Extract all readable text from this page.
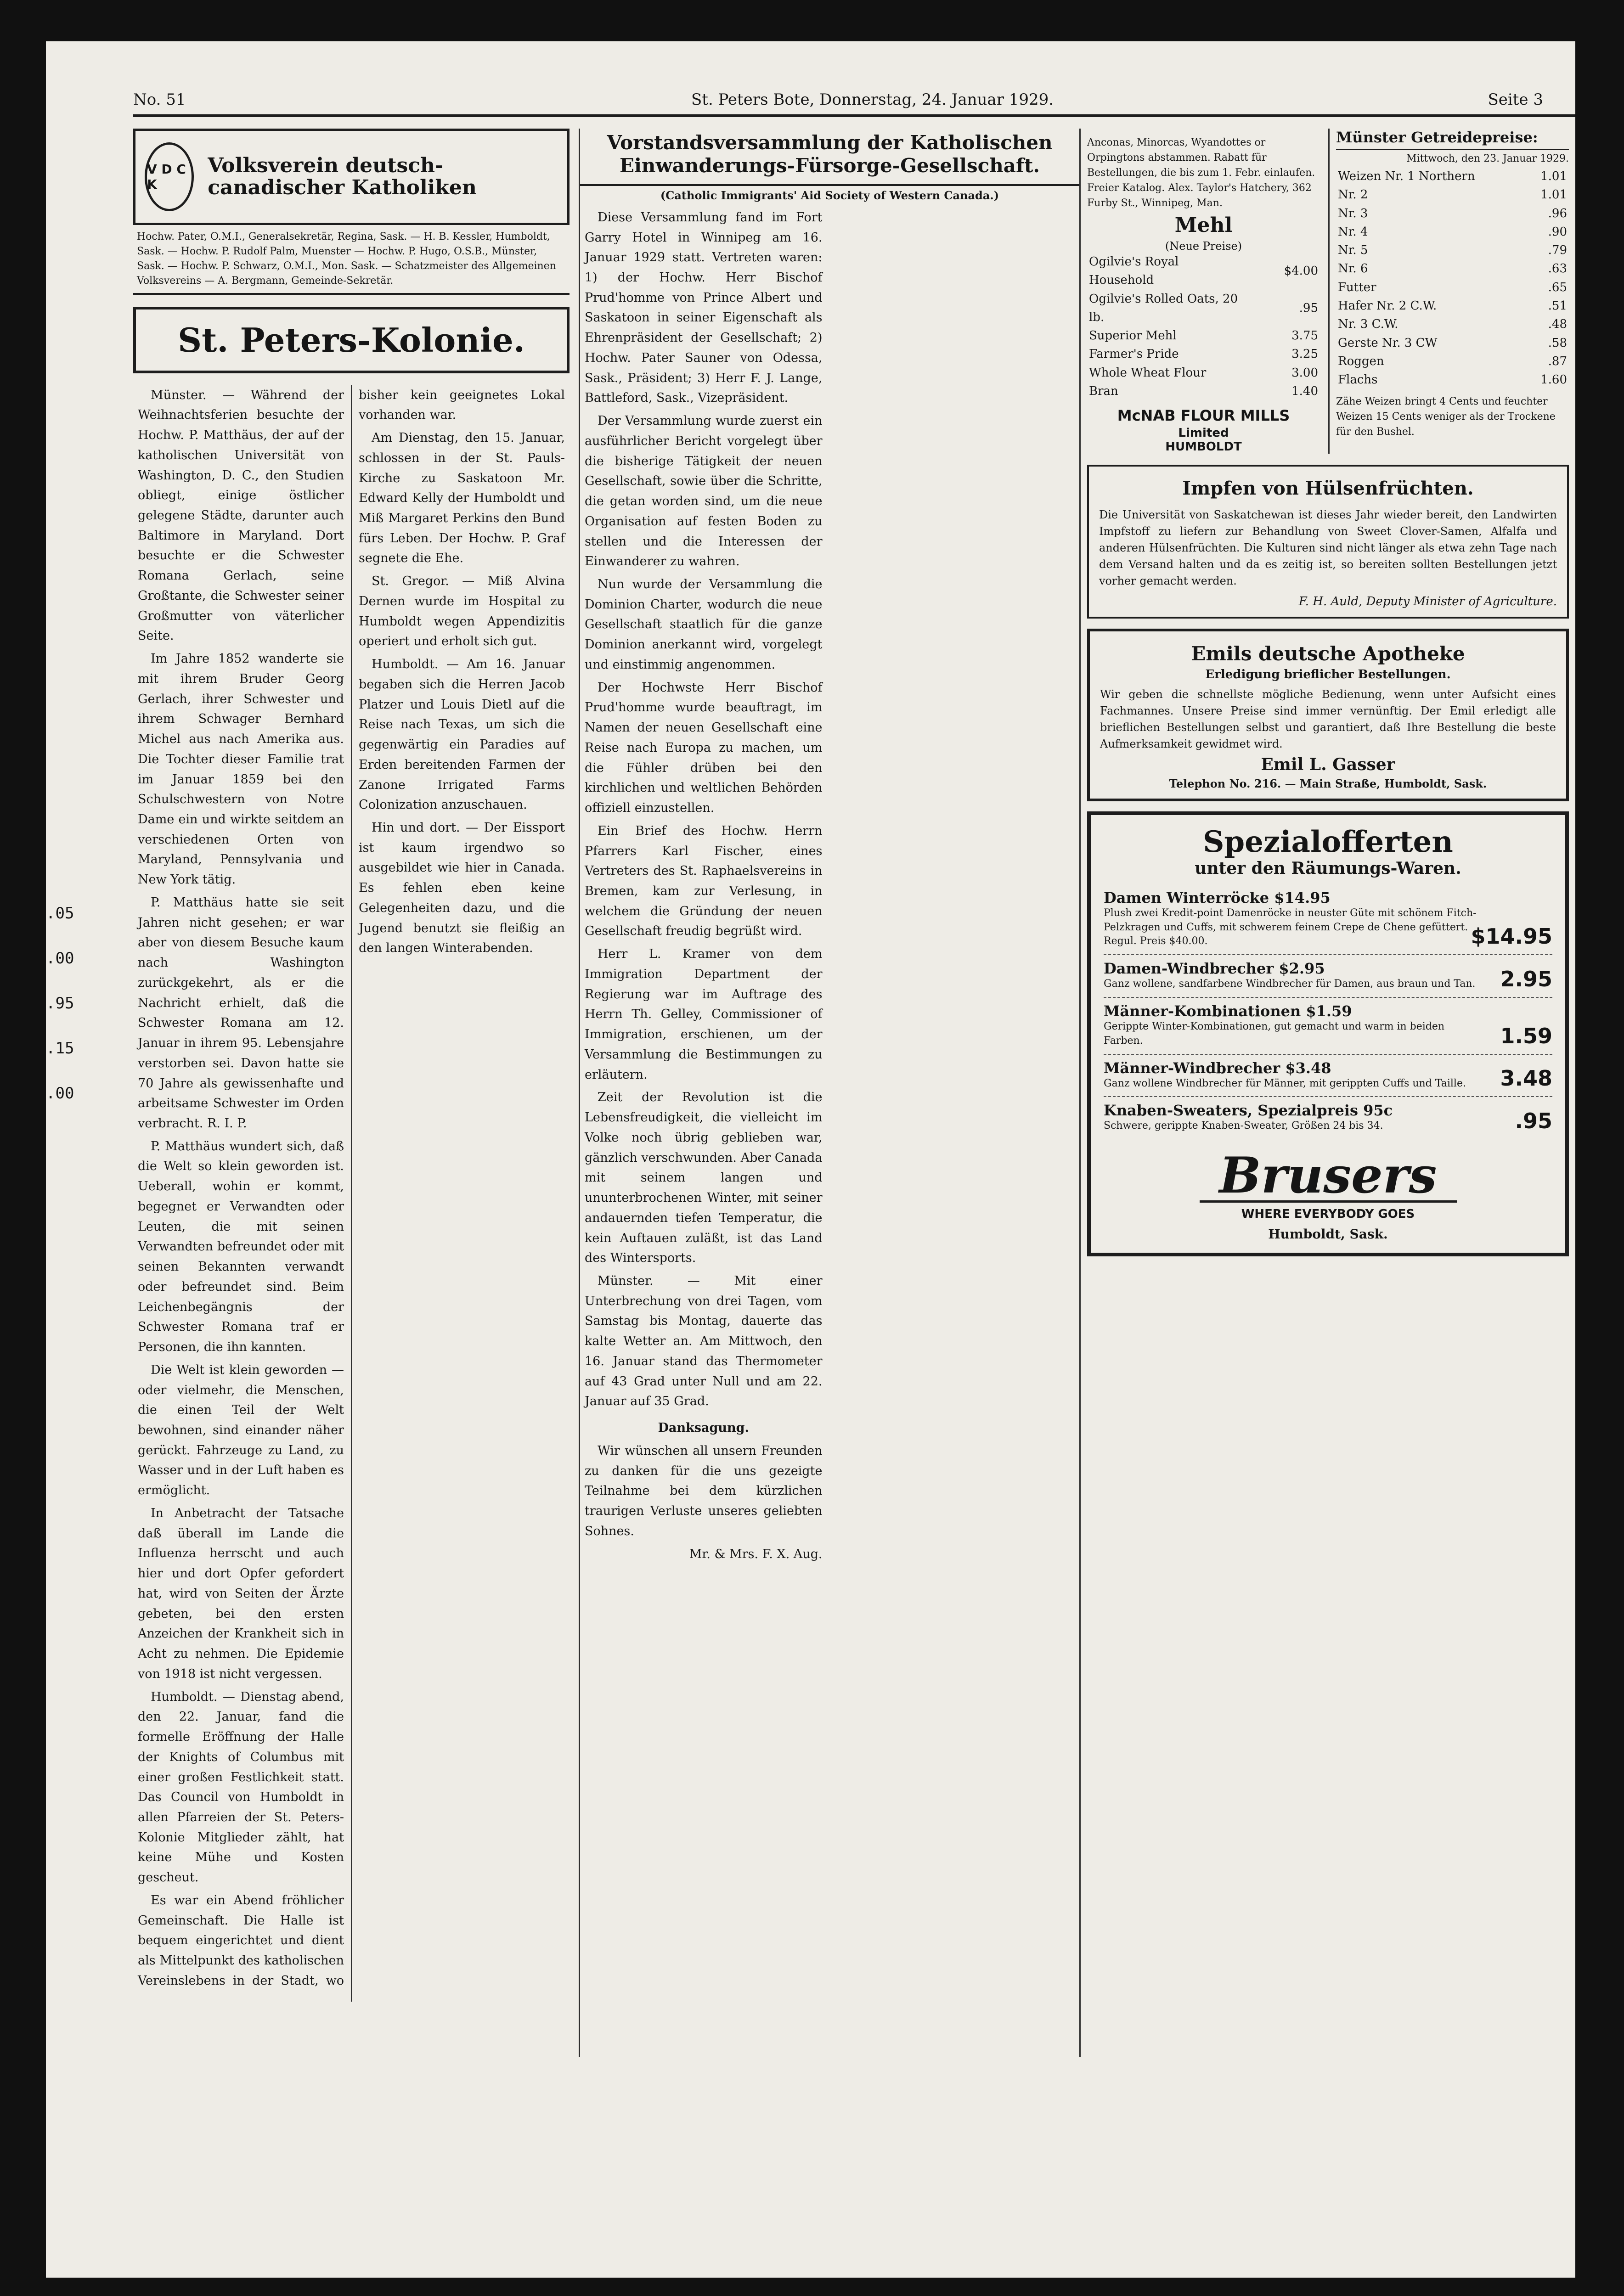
.05
.00
.95
.15
.00
No. 51	St. Peters Bote, Donnerstag, 24. Januar 1929.	Seite 3
V D C K
Volksverein deutsch-canadischer Katholiken
Hochw. Pater, O.M.I., Generalsekretär, Regina, Sask. — H. B. Kessler, Humboldt, Sask. — Hochw. P. Rudolf Palm, Muenster — Hochw. P. Hugo, O.S.B., Münster, Sask. — Hochw. P. Schwarz, O.M.I., Mon. Sask. — Schatzmeister des Allgemeinen Volksvereins — A. Bergmann, Gemeinde-Sekretär.
St. Peters-Kolonie.

Münster. — Während der Weihnachtsferien besuchte der Hochw. P. Matthäus, der auf der katholischen Universität von Washington, D. C., den Studien obliegt, einige östlicher gelegene Städte, darunter auch Baltimore in Maryland. Dort besuchte er die Schwester Romana Gerlach, seine Großtante, die Schwester seiner Großmutter von väterlicher Seite.

Im Jahre 1852 wanderte sie mit ihrem Bruder Georg Gerlach, ihrer Schwester und ihrem Schwager Bernhard Michel aus nach Amerika aus. Die Tochter dieser Familie trat im Januar 1859 bei den Schulschwestern von Notre Dame ein und wirkte seitdem an verschiedenen Orten von Maryland, Pennsylvania und New York tätig.

P. Matthäus hatte sie seit Jahren nicht gesehen; er war aber von diesem Besuche kaum nach Washington zurückgekehrt, als er die Nachricht erhielt, daß die Schwester Romana am 12. Januar in ihrem 95. Lebensjahre verstorben sei. Davon hatte sie 70 Jahre als gewissenhafte und arbeitsame Schwester im Orden verbracht. R. I. P.

P. Matthäus wundert sich, daß die Welt so klein geworden ist. Ueberall, wohin er kommt, begegnet er Verwandten oder Leuten, die mit seinen Verwandten befreundet oder mit seinen Bekannten verwandt oder befreundet sind. Beim Leichenbegängnis der Schwester Romana traf er Personen, die ihn kannten.

Die Welt ist klein geworden — oder vielmehr, die Menschen, die einen Teil der Welt bewohnen, sind einander näher gerückt. Fahrzeuge zu Land, zu Wasser und in der Luft haben es ermöglicht.

In Anbetracht der Tatsache daß überall im Lande die Influenza herrscht und auch hier und dort Opfer gefordert hat, wird von Seiten der Ärzte gebeten, bei den ersten Anzeichen der Krankheit sich in Acht zu nehmen. Die Epidemie von 1918 ist nicht vergessen.

Humboldt. — Dienstag abend, den 22. Januar, fand die formelle Eröffnung der Halle der Knights of Columbus mit einer großen Festlichkeit statt. Das Council von Humboldt in allen Pfarreien der St. Peters-Kolonie Mitglieder zählt, hat keine Mühe und Kosten gescheut.

Es war ein Abend fröhlicher Gemeinschaft. Die Halle ist bequem eingerichtet und dient als Mittelpunkt des katholischen Vereinslebens in der Stadt, wo bisher kein geeignetes Lokal vorhanden war.

Am Dienstag, den 15. Januar, schlossen in der St. Pauls-Kirche zu Saskatoon Mr. Edward Kelly der Humboldt und Miß Margaret Perkins den Bund fürs Leben. Der Hochw. P. Graf segnete die Ehe.

St. Gregor. — Miß Alvina Dernen wurde im Hospital zu Humboldt wegen Appendizitis operiert und erholt sich gut.

Humboldt. — Am 16. Januar begaben sich die Herren Jacob Platzer und Louis Dietl auf die Reise nach Texas, um sich die gegenwärtig ein Paradies auf Erden bereitenden Farmen der Zanone Irrigated Farms Colonization anzuschauen.

Hin und dort. — Der Eissport ist kaum irgendwo so ausgebildet wie hier in Canada. Es fehlen eben keine Gelegenheiten dazu, und die Jugend benutzt sie fleißig an den langen Winterabenden.

Vorstandsversammlung der Katholischen Einwanderungs-Fürsorge-Gesellschaft.
(Catholic Immigrants' Aid Society of Western Canada.)

Diese Versammlung fand im Fort Garry Hotel in Winnipeg am 16. Januar 1929 statt. Vertreten waren: 1) der Hochw. Herr Bischof Prud'homme von Prince Albert und Saskatoon in seiner Eigenschaft als Ehrenpräsident der Gesellschaft; 2) Hochw. Pater Sauner von Odessa, Sask., Präsident; 3) Herr F. J. Lange, Battleford, Sask., Vizepräsident.

Der Versammlung wurde zuerst ein ausführlicher Bericht vorgelegt über die bisherige Tätigkeit der neuen Gesellschaft, sowie über die Schritte, die getan worden sind, um die neue Organisation auf festen Boden zu stellen und die Interessen der Einwanderer zu wahren.

Nun wurde der Versammlung die Dominion Charter, wodurch die neue Gesellschaft staatlich für die ganze Dominion anerkannt wird, vorgelegt und einstimmig angenommen.

Der Hochwste Herr Bischof Prud'homme wurde beauftragt, im Namen der neuen Gesellschaft eine Reise nach Europa zu machen, um die Fühler drüben bei den kirchlichen und weltlichen Behörden offiziell einzustellen.

Ein Brief des Hochw. Herrn Pfarrers Karl Fischer, eines Vertreters des St. Raphaelsvereins in Bremen, kam zur Verlesung, in welchem die Gründung der neuen Gesellschaft freudig begrüßt wird.

Herr L. Kramer von dem Immigration Department der Regierung war im Auftrage des Herrn Th. Gelley, Commissioner of Immigration, erschienen, um der Versammlung die Bestimmungen zu erläutern.

Zeit der Revolution ist die Lebensfreudigkeit, die vielleicht im Volke noch übrig geblieben war, gänzlich verschwunden. Aber Canada mit seinem langen und ununterbrochenen Winter, mit seiner andauernden tiefen Temperatur, die kein Auftauen zuläßt, ist das Land des Wintersports.

Münster. — Mit einer Unterbrechung von drei Tagen, vom Samstag bis Montag, dauerte das kalte Wetter an. Am Mittwoch, den 16. Januar stand das Thermometer auf 43 Grad unter Null und am 22. Januar auf 35 Grad.

Danksagung.

Wir wünschen all unsern Freunden zu danken für die uns gezeigte Teilnahme bei dem kürzlichen traurigen Verluste unseres geliebten Sohnes.

Mr. & Mrs. F. X. Aug.

Anconas, Minorcas, Wyandottes or Orpingtons abstammen. Rabatt für Bestellungen, die bis zum 1. Febr. einlaufen. Freier Katalog. Alex. Taylor's Hatchery, 362 Furby St., Winnipeg, Man.
Mehl
(Neue Preise)
Ogilvie's Royal Household	$4.00
Ogilvie's Rolled Oats, 20 lb.	.95
Superior Mehl	3.75
Farmer's Pride	3.25
Whole Wheat Flour	3.00
Bran	1.40
McNAB FLOUR MILLS
Limited
HUMBOLDT
Münster Getreidepreise:
Mittwoch, den 23. Januar 1929.
Weizen Nr. 1 Northern	1.01
Nr. 2	1.01
Nr. 3	.96
Nr. 4	.90
Nr. 5	.79
Nr. 6	.63
Futter	.65
Hafer Nr. 2 C.W.	.51
Nr. 3 C.W.	.48
Gerste Nr. 3 CW	.58
Roggen	.87
Flachs	1.60
Zähe Weizen bringt 4 Cents und feuchter Weizen 15 Cents weniger als der Trockene für den Bushel.
Impfen von Hülsenfrüchten.
Die Universität von Saskatchewan ist dieses Jahr wieder bereit, den Landwirten Impfstoff zu liefern zur Behandlung von Sweet Clover-Samen, Alfalfa und anderen Hülsenfrüchten. Die Kulturen sind nicht länger als etwa zehn Tage nach dem Versand halten und da es zeitig ist, so bereiten sollten Bestellungen jetzt vorher gemacht werden.
F. H. Auld, Deputy Minister of Agriculture.
Emils deutsche Apotheke
Erledigung brieflicher Bestellungen.
Wir geben die schnellste mögliche Bedienung, wenn unter Aufsicht eines Fachmannes. Unsere Preise sind immer vernünftig. Der Emil erledigt alle brieflichen Bestellungen selbst und garantiert, daß Ihre Bestellung die beste Aufmerksamkeit gewidmet wird.
Emil L. Gasser
Telephon No. 216. — Main Straße, Humboldt, Sask.
Spezialofferten
unter den Räumungs-Waren.
Damen Winterröcke $14.95
Plush zwei Kredit-point Damenröcke in neuster Güte mit schönem Fitch-Pelzkragen und Cuffs, mit schwerem feinem Crepe de Chene gefüttert. Regul. Preis $40.00.	$14.95
Damen-Windbrecher $2.95
Ganz wollene, sandfarbene Windbrecher für Damen, aus braun und Tan.	2.95
Männer-Kombinationen $1.59
Gerippte Winter-Kombinationen, gut gemacht und warm in beiden Farben.	1.59
Männer-Windbrecher $3.48
Ganz wollene Windbrecher für Männer, mit gerippten Cuffs und Taille.	3.48
Knaben-Sweaters, Spezialpreis 95c
Schwere, gerippte Knaben-Sweater, Größen 24 bis 34.	.95
Brusers
WHERE EVERYBODY GOES
Humboldt, Sask.
